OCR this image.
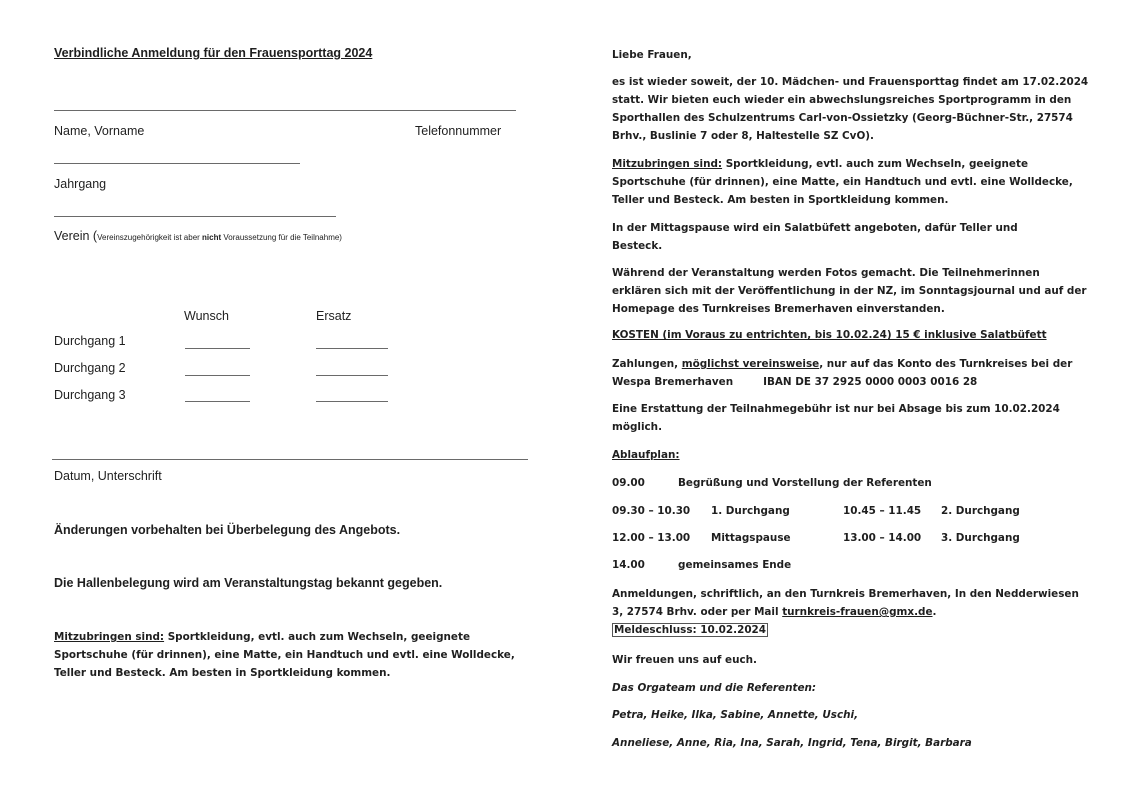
Verbindliche Anmeldung für den Frauensporttag 2024
Name, Vorname	Telefonnummer
Jahrgang
Verein (Vereinszugehörigkeit ist aber nicht Voraussetzung für die Teilnahme)
Wunsch	Ersatz
Durchgang 1
Durchgang 2
Durchgang 3
Datum, Unterschrift
Änderungen vorbehalten bei Überbelegung des Angebots.
Die Hallenbelegung wird am Veranstaltungstag bekannt gegeben.
Mitzubringen sind: Sportkleidung, evtl. auch zum Wechseln, geeignete Sportschuhe (für drinnen), eine Matte, ein Handtuch und evtl. eine Wolldecke, Teller und Besteck. Am besten in Sportkleidung kommen.
Liebe Frauen,
es ist wieder soweit, der 10. Mädchen- und Frauensporttag findet am 17.02.2024 statt. Wir bieten euch wieder ein abwechslungsreiches Sportprogramm in den Sporthallen des Schulzentrums Carl-von-Ossietzky (Georg-Büchner-Str., 27574 Brhv., Buslinie 7 oder 8, Haltestelle SZ CvO).
Mitzubringen sind: Sportkleidung, evtl. auch zum Wechseln, geeignete Sportschuhe (für drinnen), eine Matte, ein Handtuch und evtl. eine Wolldecke, Teller und Besteck. Am besten in Sportkleidung kommen.
In der Mittagspause wird ein Salatbüfett angeboten, dafür Teller und Besteck.
Während der Veranstaltung werden Fotos gemacht. Die Teilnehmerinnen erklären sich mit der Veröffentlichung in der NZ, im Sonntagsjournal und auf der Homepage des Turnkreises Bremerhaven einverstanden.
KOSTEN (im Voraus zu entrichten, bis 10.02.24) 15 € inklusive Salatbüfett
Zahlungen, möglichst vereinsweise, nur auf das Konto des Turnkreises bei der Wespa Bremerhaven	IBAN DE 37 2925 0000 0003 0016 28
Eine Erstattung der Teilnahmegebühr ist nur bei Absage bis zum 10.02.2024 möglich.
Ablaufplan:
09.00	Begrüßung und Vorstellung der Referenten
09.30 – 10.30 1. Durchgang	10.45 – 11.45 2. Durchgang
12.00 – 13.00 Mittagspause	13.00 – 14.00 3. Durchgang
14.00	gemeinsames Ende
Anmeldungen, schriftlich, an den Turnkreis Bremerhaven, In den Nedderwiesen 3, 27574 Brhv. oder per Mail turnkreis-frauen@gmx.de.
Meldeschluss: 10.02.2024
Wir freuen uns auf euch.
Das Orgateam und die Referenten:
Petra, Heike, Ilka, Sabine, Annette, Uschi,
Anneliese, Anne, Ria, Ina, Sarah, Ingrid, Tena, Birgit, Barbara
